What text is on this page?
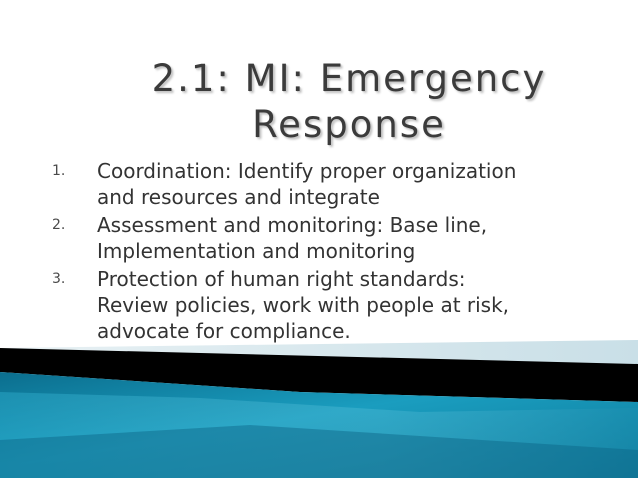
2.1: MI: Emergency
Response
1. Coordination: Identify proper organization and resources and integrate
2. Assessment and monitoring: Base line, Implementation and monitoring
3. Protection of human right standards: Review policies, work with people at risk, advocate for compliance.
